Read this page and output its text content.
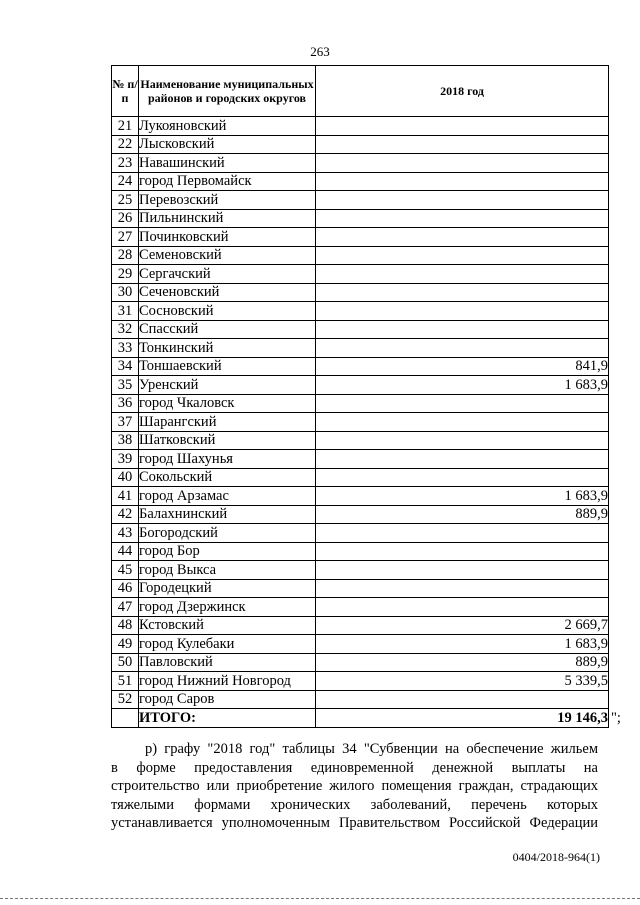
263
№ п/п	Наименование муниципальных районов и городских округов	2018 год
21	Лукояновский	
22	Лысковский	
23	Навашинский	
24	город Первомайск	
25	Перевозский	
26	Пильнинский	
27	Починковский	
28	Семеновский	
29	Сергачский	
30	Сеченовский	
31	Сосновский	
32	Спасский	
33	Тонкинский	
34	Тоншаевский	841,9
35	Уренский	1 683,9
36	город Чкаловск	
37	Шарангский	
38	Шатковский	
39	город Шахунья	
40	Сокольский	
41	город Арзамас	1 683,9
42	Балахнинский	889,9
43	Богородский	
44	город Бор	
45	город Выкса	
46	Городецкий	
47	город Дзержинск	
48	Кстовский	2 669,7
49	город Кулебаки	1 683,9
50	Павловский	889,9
51	город Нижний Новгород	5 339,5
52	город Саров	
	ИТОГО:	19 146,3 ";
р) графу "2018 год" таблицы 34 "Субвенции на обеспечение жильем
в форме предоставления единовременной денежной выплаты на
строительство или приобретение жилого помещения граждан, страдающих
тяжелыми формами хронических заболеваний, перечень которых
устанавливается уполномоченным Правительством Российской Федерации
0404/2018-964(1)
